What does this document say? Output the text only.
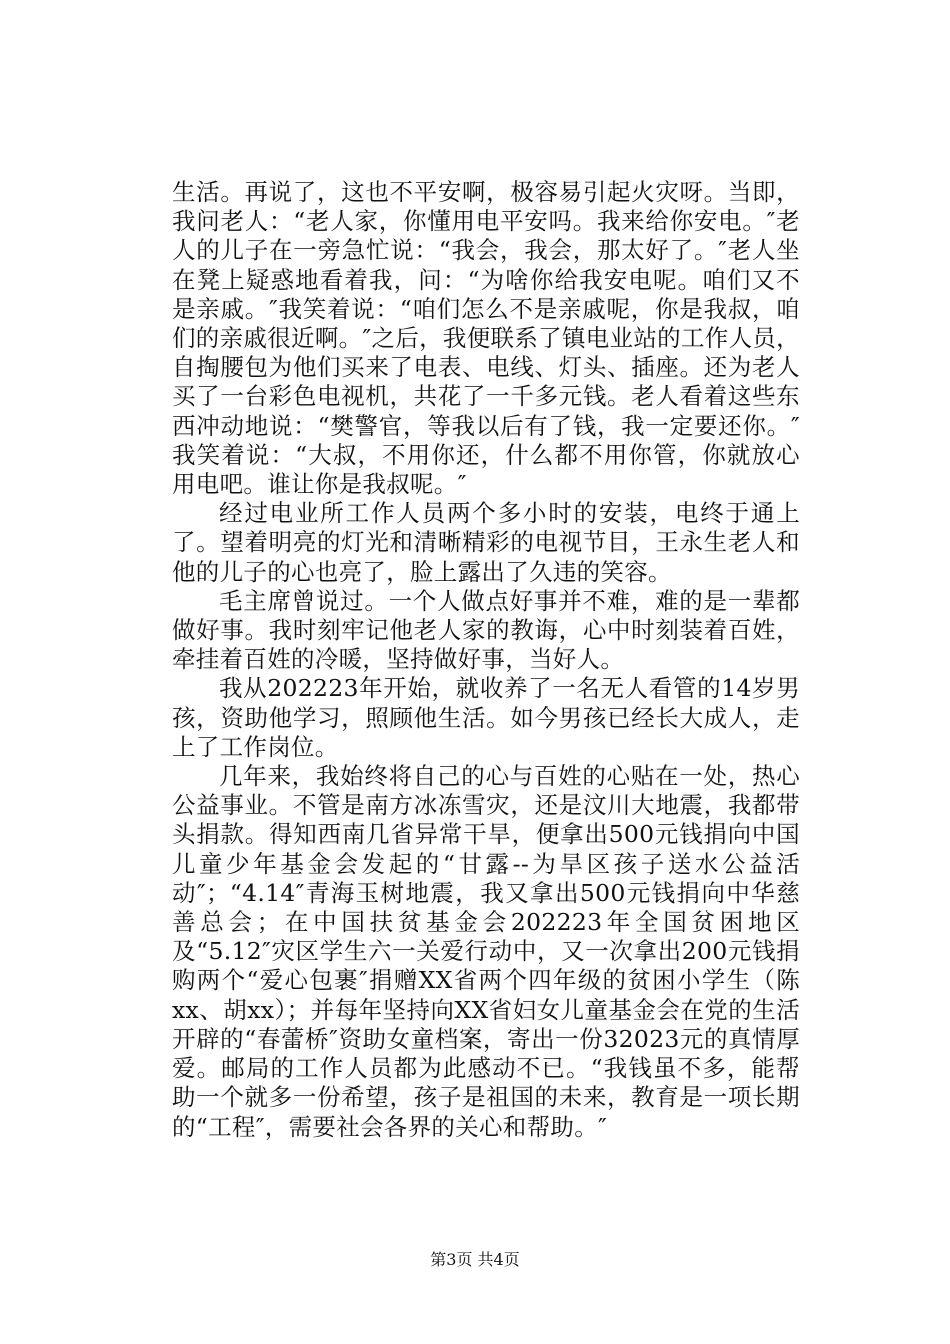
生活。再说了，这也不平安啊，极容易引起火灾呀。当即，我问老人：“老人家，你懂用电平安吗。我来给你安电。″老人的儿子在一旁急忙说：“我会，我会，那太好了。″老人坐在凳上疑惑地看着我，问：“为啥你给我安电呢。咱们又不是亲戚。″我笑着说：“咱们怎么不是亲戚呢，你是我叔，咱们的亲戚很近啊。″之后，我便联系了镇电业站的工作人员，自掏腰包为他们买来了电表、电线、灯头、插座。还为老人买了一台彩色电视机，共花了一千多元钱。老人看着这些东西冲动地说：“樊警官，等我以后有了钱，我一定要还你。″我笑着说：“大叔，不用你还，什么都不用你管，你就放心用电吧。谁让你是我叔呢。″

经过电业所工作人员两个多小时的安装，电终于通上了。望着明亮的灯光和清晰精彩的电视节目，王永生老人和他的儿子的心也亮了，脸上露出了久违的笑容。

毛主席曾说过。一个人做点好事并不难，难的是一辈都做好事。我时刻牢记他老人家的教诲，心中时刻装着百姓，牵挂着百姓的冷暖，坚持做好事，当好人。

我从202223年开始，就收养了一名无人看管的14岁男孩，资助他学习，照顾他生活。如今男孩已经长大成人，走上了工作岗位。

几年来，我始终将自己的心与百姓的心贴在一处，热心公益事业。不管是南方冰冻雪灾，还是汶川大地震，我都带头捐款。得知西南几省异常干旱，便拿出500元钱捐向中国儿童少年基金会发起的“甘露--为旱区孩子送水公益活动″；“4.14″青海玉树地震，我又拿出500元钱捐向中华慈善总会；在中国扶贫基金会202223年全国贫困地区及“5.12″灾区学生六一关爱行动中，又一次拿出200元钱捐购两个“爱心包裹″捐赠XX省两个四年级的贫困小学生（陈xx、胡xx）；并每年坚持向XX省妇女儿童基金会在党的生活开辟的“春蕾桥″资助女童档案，寄出一份32023元的真情厚爱。邮局的工作人员都为此感动不已。“我钱虽不多，能帮助一个就多一份希望，孩子是祖国的未来，教育是一项长期的“工程″，需要社会各界的关心和帮助。″

第3页 共4页
